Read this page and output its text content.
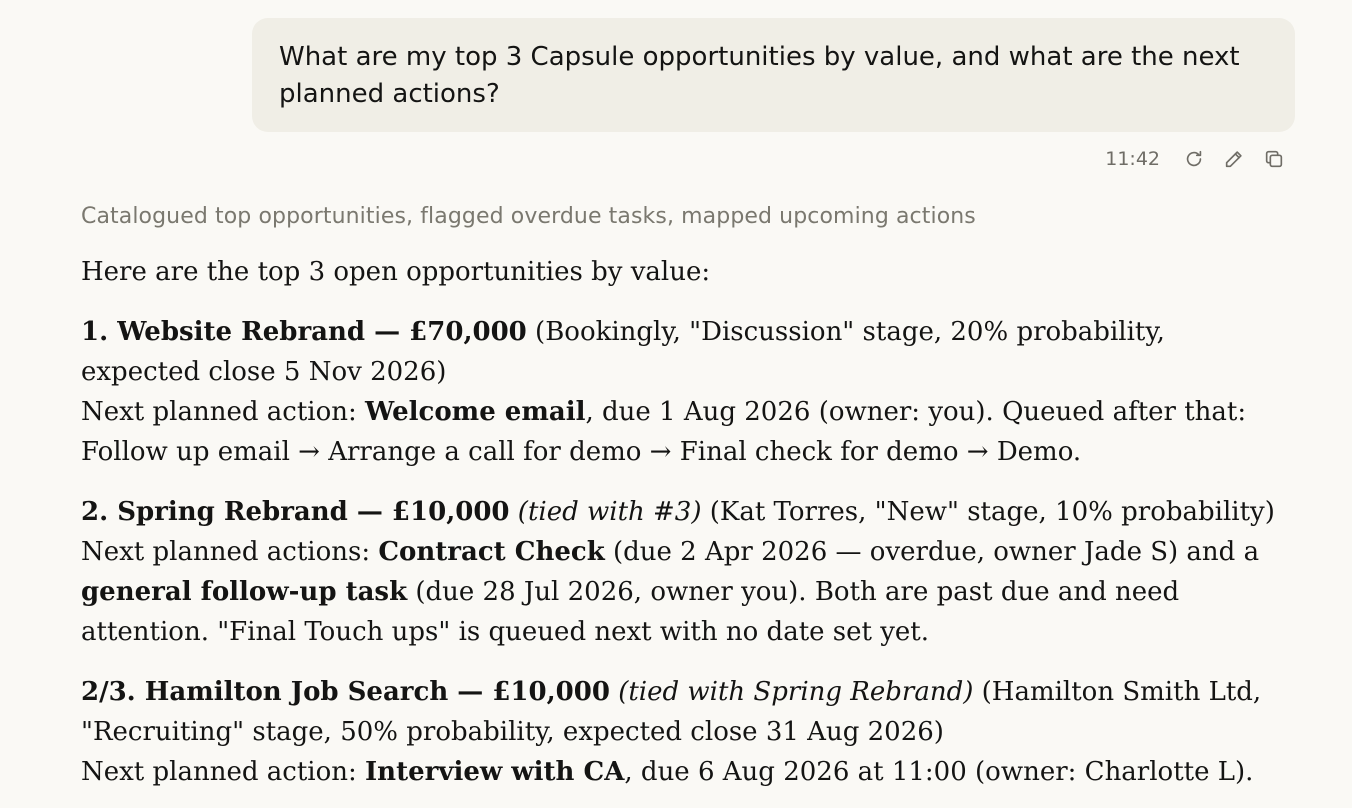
What are my top 3 Capsule opportunities by value, and what are the next planned actions?
11:42
Catalogued top opportunities, flagged overdue tasks, mapped upcoming actions

Here are the top 3 open opportunities by value:

1. Website Rebrand — £70,000 (Bookingly, "Discussion" stage, 20% probability, expected close 5 Nov 2026)

Next planned action: Welcome email, due 1 Aug 2026 (owner: you). Queued after that: Follow up email → Arrange a call for demo → Final check for demo → Demo.

2. Spring Rebrand — £10,000 (tied with #3) (Kat Torres, "New" stage, 10% probability)

Next planned actions: Contract Check (due 2 Apr 2026 — overdue, owner Jade S) and a general follow-up task (due 28 Jul 2026, owner you). Both are past due and need attention. "Final Touch ups" is queued next with no date set yet.

2/3. Hamilton Job Search — £10,000 (tied with Spring Rebrand) (Hamilton Smith Ltd, "Recruiting" stage, 50% probability, expected close 31 Aug 2026)

Next planned action: Interview with CA, due 6 Aug 2026 at 11:00 (owner: Charlotte L).
